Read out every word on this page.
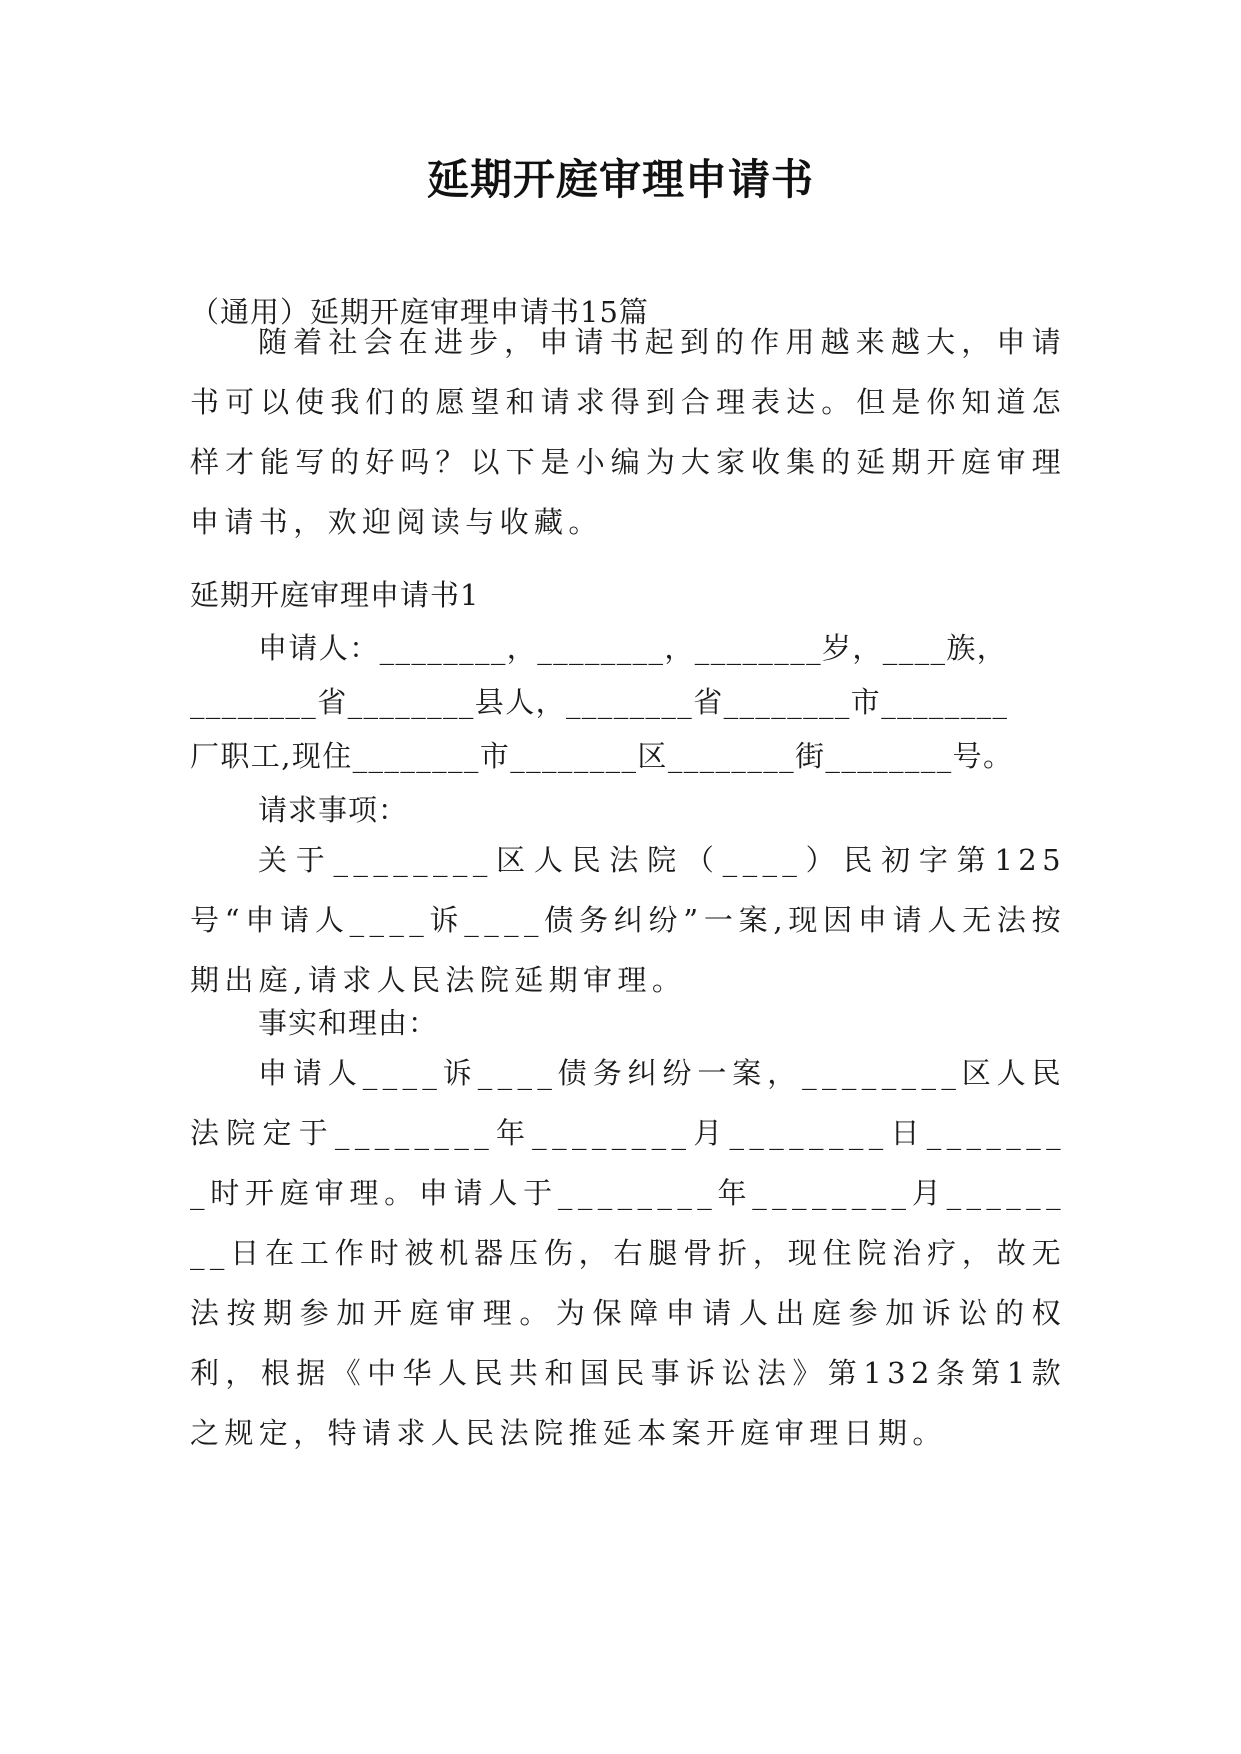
延期开庭审理申请书
（通用）延期开庭审理申请书15篇

随着社会在进步，申请书起到的作用越来越大，申请书可以使我们的愿望和请求得到合理表达。但是你知道怎样才能写的好吗？以下是小编为大家收集的延期开庭审理申请书，欢迎阅读与收藏。

延期开庭审理申请书1
申请人：________，________，________岁，____族，
________省________县人，________省________市________
厂职工,现住________市________区________街________号。
请求事项：

关于________区人民法院（____）民初字第125号“申请人____诉____债务纠纷”一案,现因申请人无法按期出庭,请求人民法院延期审理。

事实和理由：

申请人____诉____债务纠纷一案，________区人民法院定于________年________月________日________时开庭审理。申请人于________年________月________日在工作时被机器压伤，右腿骨折，现住院治疗，故无法按期参加开庭审理。为保障申请人出庭参加诉讼的权利，根据《中华人民共和国民事诉讼法》第132条第1款之规定，特请求人民法院推延本案开庭审理日期。
